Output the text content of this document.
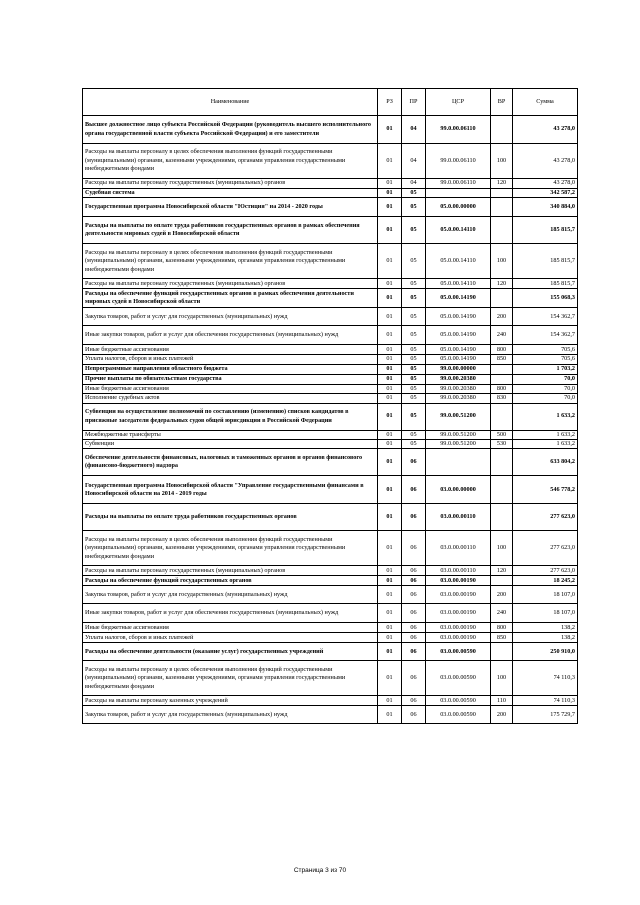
Наименование	РЗ	ПР	ЦСР	ВР	Сумма
Высшее должностное лицо субъекта Российской Федерации (руководитель высшего исполнительного органа государственной власти субъекта Российской Федерации) и его заместители	01	04	99.0.00.06110		43 278,0
Расходы на выплаты персоналу в целях обеспечения выполнения функций государственными (муниципальными) органами, казенными учреждениями, органами управления государственными внебюджетными фондами	01	04	99.0.00.06110	100	43 278,0
Расходы на выплаты персоналу государственных (муниципальных) органов	01	04	99.0.00.06110	120	43 278,0
Судебная система	01	05			342 587,2
Государственная программа Новосибирской области "Юстиция" на 2014 - 2020 годы	01	05	05.0.00.00000		340 884,0
Расходы на выплаты по оплате труда работников государственных органов в рамках обеспечения деятельности мировых судей в Новосибирской области	01	05	05.0.00.14110		185 815,7
Расходы на выплаты персоналу в целях обеспечения выполнения функций государственными (муниципальными) органами, казенными учреждениями, органами управления государственными внебюджетными фондами	01	05	05.0.00.14110	100	185 815,7
Расходы на выплаты персоналу государственных (муниципальных) органов	01	05	05.0.00.14110	120	185 815,7
Расходы на обеспечение функций государственных органов в рамках обеспечения деятельности мировых судей в Новосибирской области	01	05	05.0.00.14190		155 068,3
Закупка товаров, работ и услуг для государственных (муниципальных) нужд	01	05	05.0.00.14190	200	154 362,7
Иные закупки товаров, работ и услуг для обеспечения государственных (муниципальных) нужд	01	05	05.0.00.14190	240	154 362,7
Иные бюджетные ассигнования	01	05	05.0.00.14190	800	705,6
Уплата налогов, сборов и иных платежей	01	05	05.0.00.14190	850	705,6
Непрограммные направления областного бюджета	01	05	99.0.00.00000		1 703,2
Прочие выплаты по обязательствам государства	01	05	99.0.00.20380		70,0
Иные бюджетные ассигнования	01	05	99.0.00.20380	800	70,0
Исполнение судебных актов	01	05	99.0.00.20380	830	70,0
Субвенции на осуществление полномочий по составлению (изменению) списков кандидатов в присяжные заседатели федеральных судов общей юрисдикции в Российской Федерации	01	05	99.0.00.51200		1 633,2
Межбюджетные трансферты	01	05	99.0.00.51200	500	1 633,2
Субвенции	01	05	99.0.00.51200	530	1 633,2
Обеспечение деятельности финансовых, налоговых и таможенных органов и органов финансового (финансово-бюджетного) надзора	01	06			633 804,2
Государственная программа Новосибирской области "Управление государственными финансами в Новосибирской области на 2014 - 2019 годы	01	06	03.0.00.00000		546 778,2
Расходы на выплаты по оплате труда работников государственных органов	01	06	03.0.00.00110		277 623,0
Расходы на выплаты персоналу в целях обеспечения выполнения функций государственными (муниципальными) органами, казенными учреждениями, органами управления государственными внебюджетными фондами	01	06	03.0.00.00110	100	277 623,0
Расходы на выплаты персоналу государственных (муниципальных) органов	01	06	03.0.00.00110	120	277 623,0
Расходы на обеспечение функций государственных органов	01	06	03.0.00.00190		18 245,2
Закупка товаров, работ и услуг для государственных (муниципальных) нужд	01	06	03.0.00.00190	200	18 107,0
Иные закупки товаров, работ и услуг для обеспечения государственных (муниципальных) нужд	01	06	03.0.00.00190	240	18 107,0
Иные бюджетные ассигнования	01	06	03.0.00.00190	800	138,2
Уплата налогов, сборов и иных платежей	01	06	03.0.00.00190	850	138,2
Расходы на обеспечение деятельности (оказание услуг) государственных учреждений	01	06	03.0.00.00590		250 910,0
Расходы на выплаты персоналу в целях обеспечения выполнения функций государственными (муниципальными) органами, казенными учреждениями, органами управления государственными внебюджетными фондами	01	06	03.0.00.00590	100	74 110,3
Расходы на выплаты персоналу казенных учреждений	01	06	03.0.00.00590	110	74 110,3
Закупка товаров, работ и услуг для государственных (муниципальных) нужд	01	06	03.0.00.00590	200	175 729,7
Страница 3 из 70
